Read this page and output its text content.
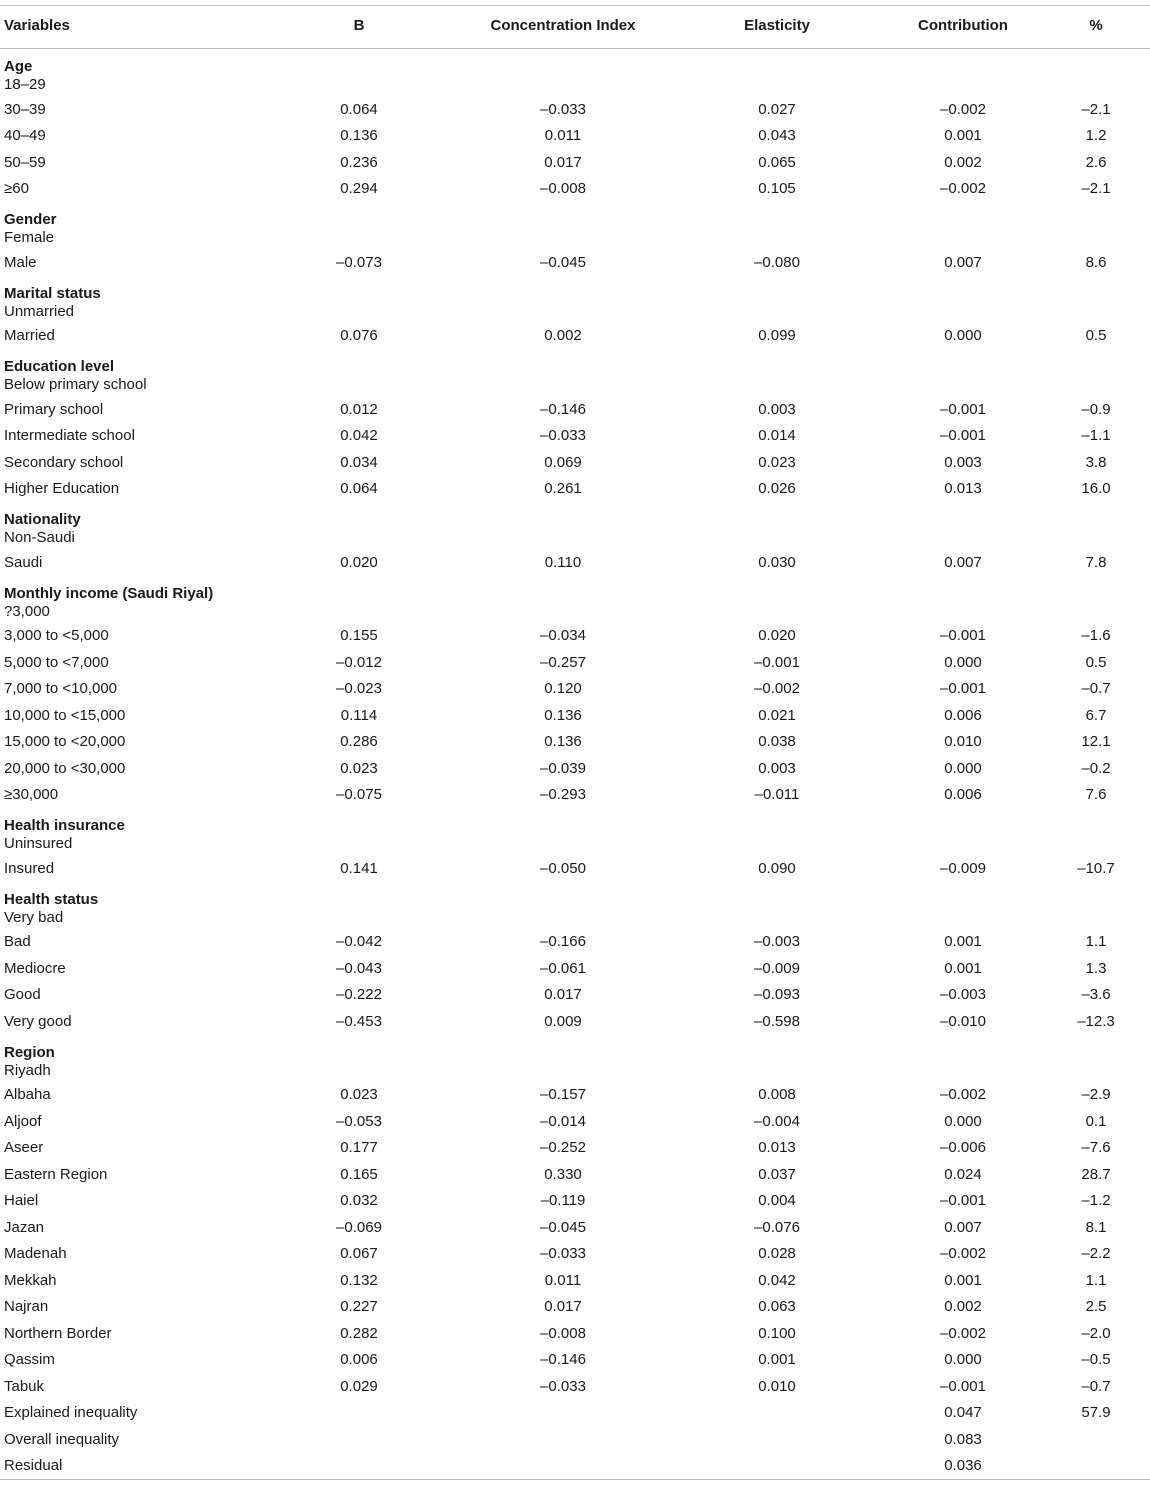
Variables	B	Concentration Index	Elasticity	Contribution	%
Age					
18–29					
30–39	0.064	–0.033	0.027	–0.002	–2.1
40–49	0.136	0.011	0.043	0.001	1.2
50–59	0.236	0.017	0.065	0.002	2.6
≥60	0.294	–0.008	0.105	–0.002	–2.1
Gender					
Female					
Male	–0.073	–0.045	–0.080	0.007	8.6
Marital status					
Unmarried					
Married	0.076	0.002	0.099	0.000	0.5
Education level					
Below primary school					
Primary school	0.012	–0.146	0.003	–0.001	–0.9
Intermediate school	0.042	–0.033	0.014	–0.001	–1.1
Secondary school	0.034	0.069	0.023	0.003	3.8
Higher Education	0.064	0.261	0.026	0.013	16.0
Nationality					
Non-Saudi					
Saudi	0.020	0.110	0.030	0.007	7.8
Monthly income (Saudi Riyal)					
?3,000					
3,000 to <5,000	0.155	–0.034	0.020	–0.001	–1.6
5,000 to <7,000	–0.012	–0.257	–0.001	0.000	0.5
7,000 to <10,000	–0.023	0.120	–0.002	–0.001	–0.7
10,000 to <15,000	0.114	0.136	0.021	0.006	6.7
15,000 to <20,000	0.286	0.136	0.038	0.010	12.1
20,000 to <30,000	0.023	–0.039	0.003	0.000	–0.2
≥30,000	–0.075	–0.293	–0.011	0.006	7.6
Health insurance					
Uninsured					
Insured	0.141	–0.050	0.090	–0.009	–10.7
Health status					
Very bad					
Bad	–0.042	–0.166	–0.003	0.001	1.1
Mediocre	–0.043	–0.061	–0.009	0.001	1.3
Good	–0.222	0.017	–0.093	–0.003	–3.6
Very good	–0.453	0.009	–0.598	–0.010	–12.3
Region					
Riyadh					
Albaha	0.023	–0.157	0.008	–0.002	–2.9
Aljoof	–0.053	–0.014	–0.004	0.000	0.1
Aseer	0.177	–0.252	0.013	–0.006	–7.6
Eastern Region	0.165	0.330	0.037	0.024	28.7
Haiel	0.032	–0.119	0.004	–0.001	–1.2
Jazan	–0.069	–0.045	–0.076	0.007	8.1
Madenah	0.067	–0.033	0.028	–0.002	–2.2
Mekkah	0.132	0.011	0.042	0.001	1.1
Najran	0.227	0.017	0.063	0.002	2.5
Northern Border	0.282	–0.008	0.100	–0.002	–2.0
Qassim	0.006	–0.146	0.001	0.000	–0.5
Tabuk	0.029	–0.033	0.010	–0.001	–0.7
Explained inequality				0.047	57.9
Overall inequality				0.083	
Residual				0.036	
